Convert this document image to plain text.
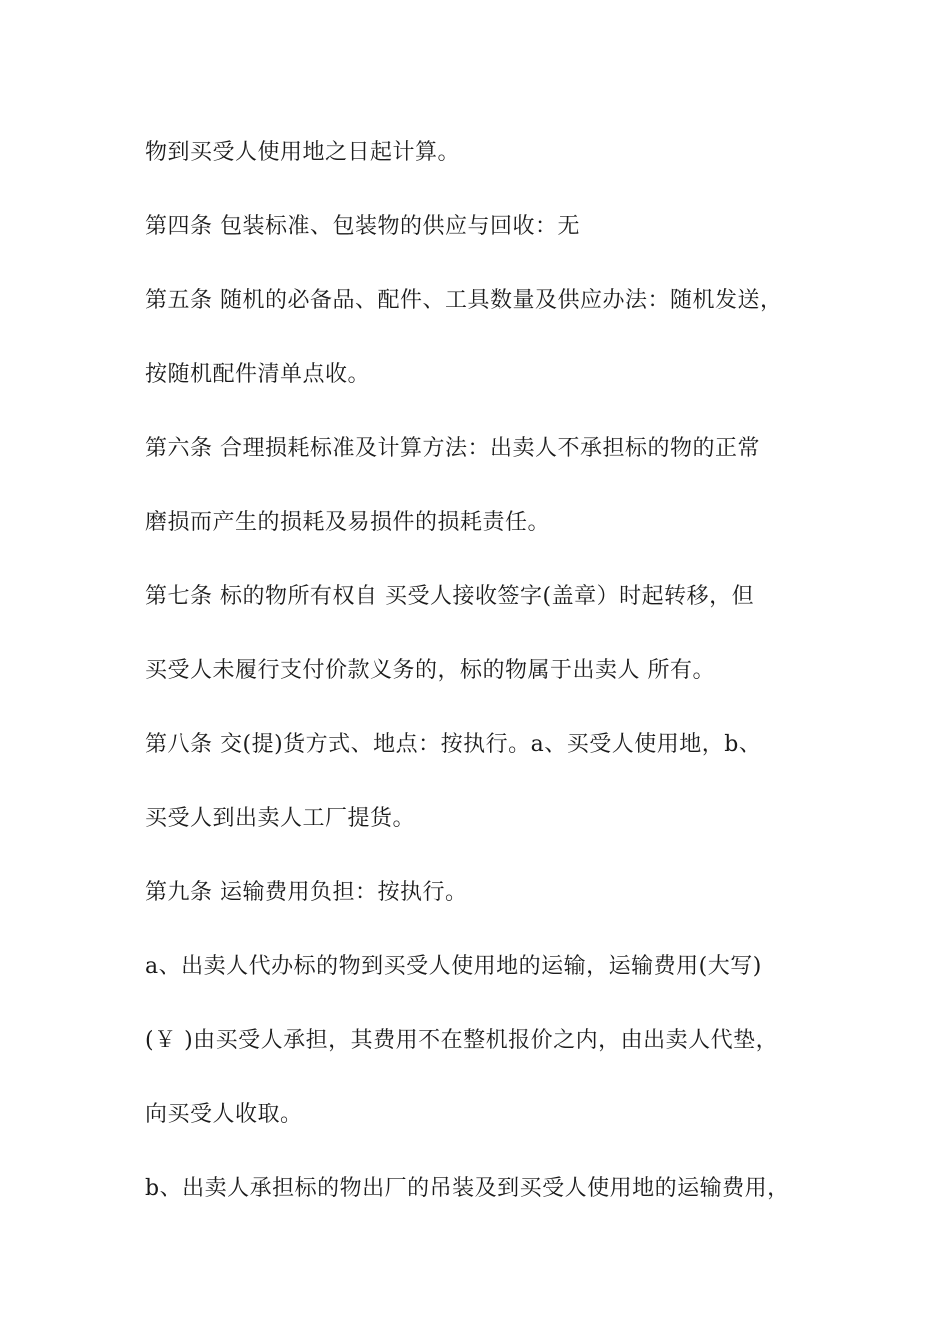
物到买受人使用地之日起计算。

第四条 包装标准、包装物的供应与回收：无

第五条 随机的必备品、配件、工具数量及供应办法：随机发送，

按随机配件清单点收。

第六条 合理损耗标准及计算方法：出卖人不承担标的物的正常

磨损而产生的损耗及易损件的损耗责任。

第七条 标的物所有权自 买受人接收签字(盖章）时起转移，但

买受人未履行支付价款义务的，标的物属于出卖人 所有。

第八条 交(提)货方式、地点：按执行。a、买受人使用地，b、

买受人到出卖人工厂提货。

第九条 运输费用负担：按执行。

a、出卖人代办标的物到买受人使用地的运输，运输费用(大写)

(￥ )由买受人承担，其费用不在整机报价之内，由出卖人代垫，

向买受人收取。

b、出卖人承担标的物出厂的吊装及到买受人使用地的运输费用，
